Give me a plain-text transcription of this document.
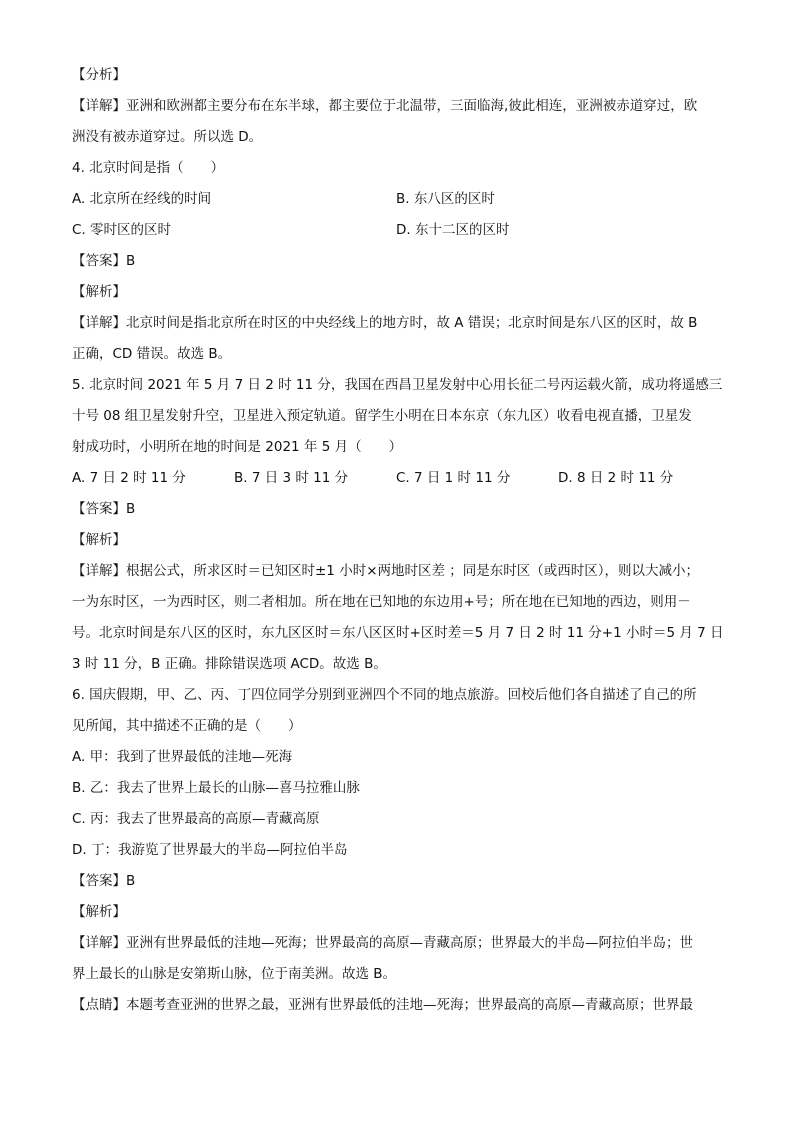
【分析】
【详解】亚洲和欧洲都主要分布在东半球，都主要位于北温带，三面临海,彼此相连，亚洲被赤道穿过，欧
洲没有被赤道穿过。所以选 D。
4. 北京时间是指（　　）
A. 北京所在经线的时间	B. 东八区的区时
C. 零时区的区时	D. 东十二区的区时
【答案】B
【解析】
【详解】北京时间是指北京所在时区的中央经线上的地方时，故 A 错误；北京时间是东八区的区时，故 B
正确，CD 错误。故选 B。
5. 北京时间 2021 年 5 月 7 日 2 时 11 分，我国在西昌卫星发射中心用长征二号丙运载火箭，成功将遥感三
十号 08 组卫星发射升空，卫星进入预定轨道。留学生小明在日本东京（东九区）收看电视直播，卫星发
射成功时，小明所在地的时间是 2021 年 5 月（　　）
A. 7 日 2 时 11 分	B. 7 日 3 时 11 分	C. 7 日 1 时 11 分	D. 8 日 2 时 11 分
【答案】B
【解析】
【详解】根据公式，所求区时＝已知区时±1 小时×两地时区差 ；同是东时区（或西时区），则以大减小；
一为东时区，一为西时区，则二者相加。所在地在已知地的东边用+号；所在地在已知地的西边，则用－
号。北京时间是东八区的区时，东九区区时＝东八区区时+区时差＝5 月 7 日 2 时 11 分+1 小时＝5 月 7 日
3 时 11 分，B 正确。排除错误选项 ACD。故选 B。
6. 国庆假期，甲、乙、丙、丁四位同学分别到亚洲四个不同的地点旅游。回校后他们各自描述了自己的所
见所闻，其中描述不正确的是（　　）
A. 甲：我到了世界最低的洼地—死海
B. 乙：我去了世界上最长的山脉—喜马拉雅山脉
C. 丙：我去了世界最高的高原—青藏高原
D. 丁：我游览了世界最大的半岛—阿拉伯半岛
【答案】B
【解析】
【详解】亚洲有世界最低的洼地—死海；世界最高的高原—青藏高原；世界最大的半岛—阿拉伯半岛；世
界上最长的山脉是安第斯山脉，位于南美洲。故选 B。
【点睛】本题考查亚洲的世界之最，亚洲有世界最低的洼地—死海；世界最高的高原—青藏高原；世界最
